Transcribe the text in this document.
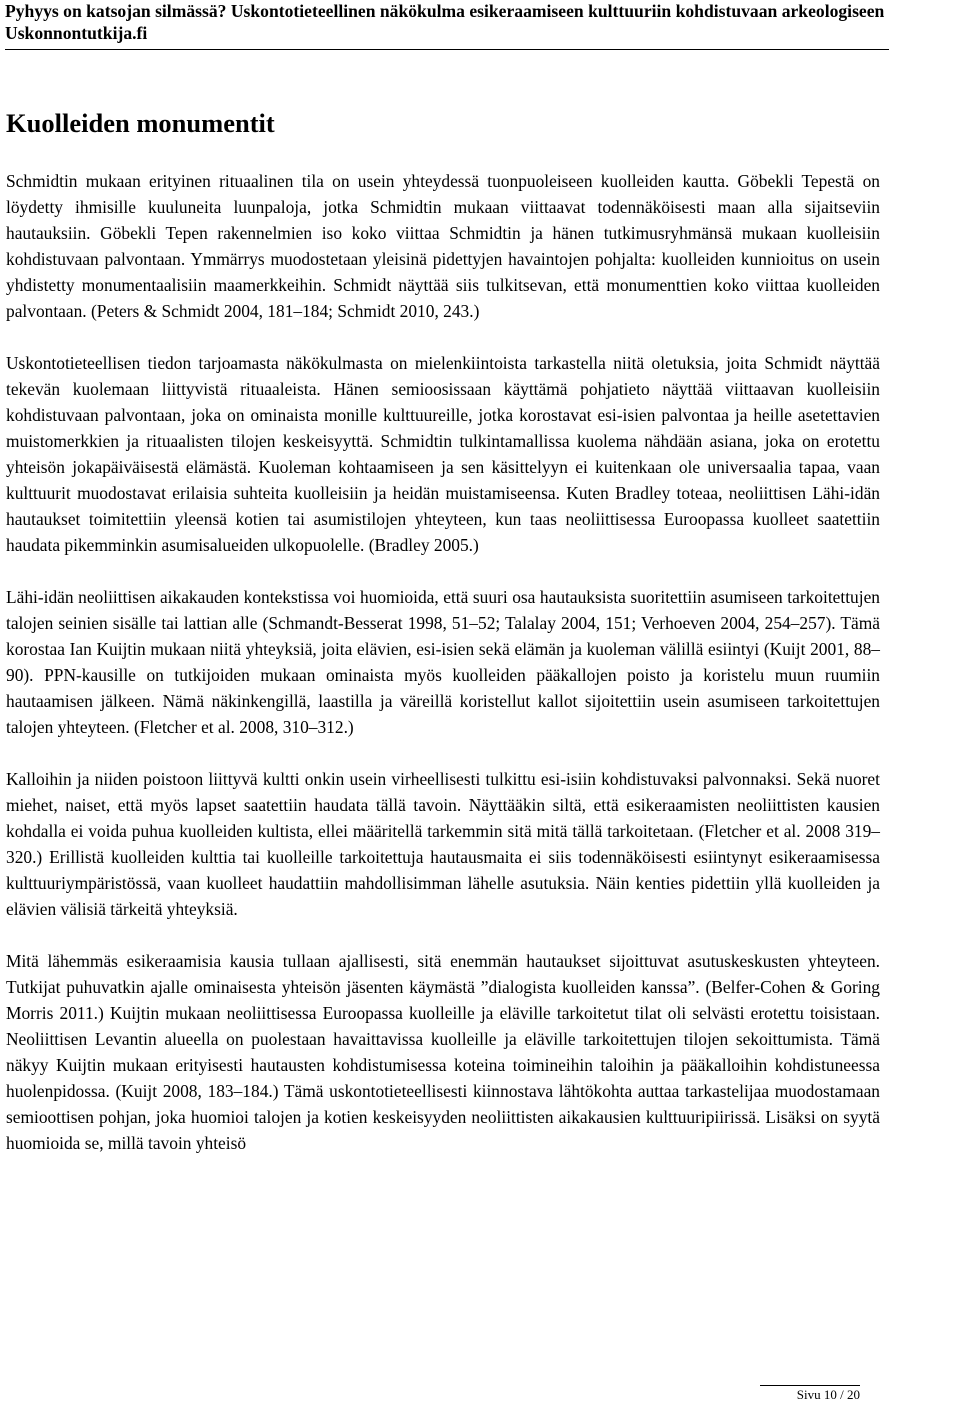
Pyhyys on katsojan silmässä? Uskontotieteellinen näkökulma esikeraamiseen kulttuuriin kohdistuvaan arkeologiseen
Uskonnontutkija.fi
Kuolleiden monumentit

Schmidtin mukaan erityinen rituaalinen tila on usein yhteydessä tuonpuoleiseen kuolleiden kautta. Göbekli Tepestä on löydetty ihmisille kuuluneita luunpaloja, jotka Schmidtin mukaan viittaavat todennäköisesti maan alla sijaitseviin hautauksiin. Göbekli Tepen rakennelmien iso koko viittaa Schmidtin ja hänen tutkimusryhmänsä mukaan kuolleisiin kohdistuvaan palvontaan. Ymmärrys muodostetaan yleisinä pidettyjen havaintojen pohjalta: kuolleiden kunnioitus on usein yhdistetty monumentaalisiin maamerkkeihin. Schmidt näyttää siis tulkitsevan, että monumenttien koko viittaa kuolleiden palvontaan. (Peters & Schmidt 2004, 181–184; Schmidt 2010, 243.)

Uskontotieteellisen tiedon tarjoamasta näkökulmasta on mielenkiintoista tarkastella niitä oletuksia, joita Schmidt näyttää tekevän kuolemaan liittyvistä rituaaleista. Hänen semioosissaan käyttämä pohjatieto näyttää viittaavan kuolleisiin kohdistuvaan palvontaan, joka on ominaista monille kulttuureille, jotka korostavat esi-isien palvontaa ja heille asetettavien muistomerkkien ja rituaalisten tilojen keskeisyyttä. Schmidtin tulkintamallissa kuolema nähdään asiana, joka on erotettu yhteisön jokapäiväisestä elämästä. Kuoleman kohtaamiseen ja sen käsittelyyn ei kuitenkaan ole universaalia tapaa, vaan kulttuurit muodostavat erilaisia suhteita kuolleisiin ja heidän muistamiseensa. Kuten Bradley toteaa, neoliittisen Lähi-idän hautaukset toimitettiin yleensä kotien tai asumistilojen yhteyteen, kun taas neoliittisessa Euroopassa kuolleet saatettiin haudata pikemminkin asumisalueiden ulkopuolelle. (Bradley 2005.)

Lähi-idän neoliittisen aikakauden kontekstissa voi huomioida, että suuri osa hautauksista suoritettiin asumiseen tarkoitettujen talojen seinien sisälle tai lattian alle (Schmandt-Besserat 1998, 51–52; Talalay 2004, 151; Verhoeven 2004, 254–257). Tämä korostaa Ian Kuijtin mukaan niitä yhteyksiä, joita elävien, esi-isien sekä elämän ja kuoleman välillä esiintyi (Kuijt 2001, 88–90). PPN-kausille on tutkijoiden mukaan ominaista myös kuolleiden pääkallojen poisto ja koristelu muun ruumiin hautaamisen jälkeen. Nämä näkinkengillä, laastilla ja väreillä koristellut kallot sijoitettiin usein asumiseen tarkoitettujen talojen yhteyteen. (Fletcher et al. 2008, 310–312.)

Kalloihin ja niiden poistoon liittyvä kultti onkin usein virheellisesti tulkittu esi-isiin kohdistuvaksi palvonnaksi. Sekä nuoret miehet, naiset, että myös lapset saatettiin haudata tällä tavoin. Näyttääkin siltä, että esikeraamisten neoliittisten kausien kohdalla ei voida puhua kuolleiden kultista, ellei määritellä tarkemmin sitä mitä tällä tarkoitetaan. (Fletcher et al. 2008 319–320.) Erillistä kuolleiden kulttia tai kuolleille tarkoitettuja hautausmaita ei siis todennäköisesti esiintynyt esikeraamisessa kulttuuriympäristössä, vaan kuolleet haudattiin mahdollisimman lähelle asutuksia. Näin kenties pidettiin yllä kuolleiden ja elävien välisiä tärkeitä yhteyksiä.

Mitä lähemmäs esikeraamisia kausia tullaan ajallisesti, sitä enemmän hautaukset sijoittuvat asutuskeskusten yhteyteen. Tutkijat puhuvatkin ajalle ominaisesta yhteisön jäsenten käymästä ”dialogista kuolleiden kanssa”. (Belfer-Cohen & Goring Morris 2011.) Kuijtin mukaan neoliittisessa Euroopassa kuolleille ja eläville tarkoitetut tilat oli selvästi erotettu toisistaan. Neoliittisen Levantin alueella on puolestaan havaittavissa kuolleille ja eläville tarkoitettujen tilojen sekoittumista. Tämä näkyy Kuijtin mukaan erityisesti hautausten kohdistumisessa koteina toimineihin taloihin ja pääkalloihin kohdistuneessa huolenpidossa. (Kuijt 2008, 183–184.) Tämä uskontotieteellisesti kiinnostava lähtökohta auttaa tarkastelijaa muodostamaan semioottisen pohjan, joka huomioi talojen ja kotien keskeisyyden neoliittisten aikakausien kulttuuripiirissä. Lisäksi on syytä huomioida se, millä tavoin yhteisö

Sivu 10 / 20
